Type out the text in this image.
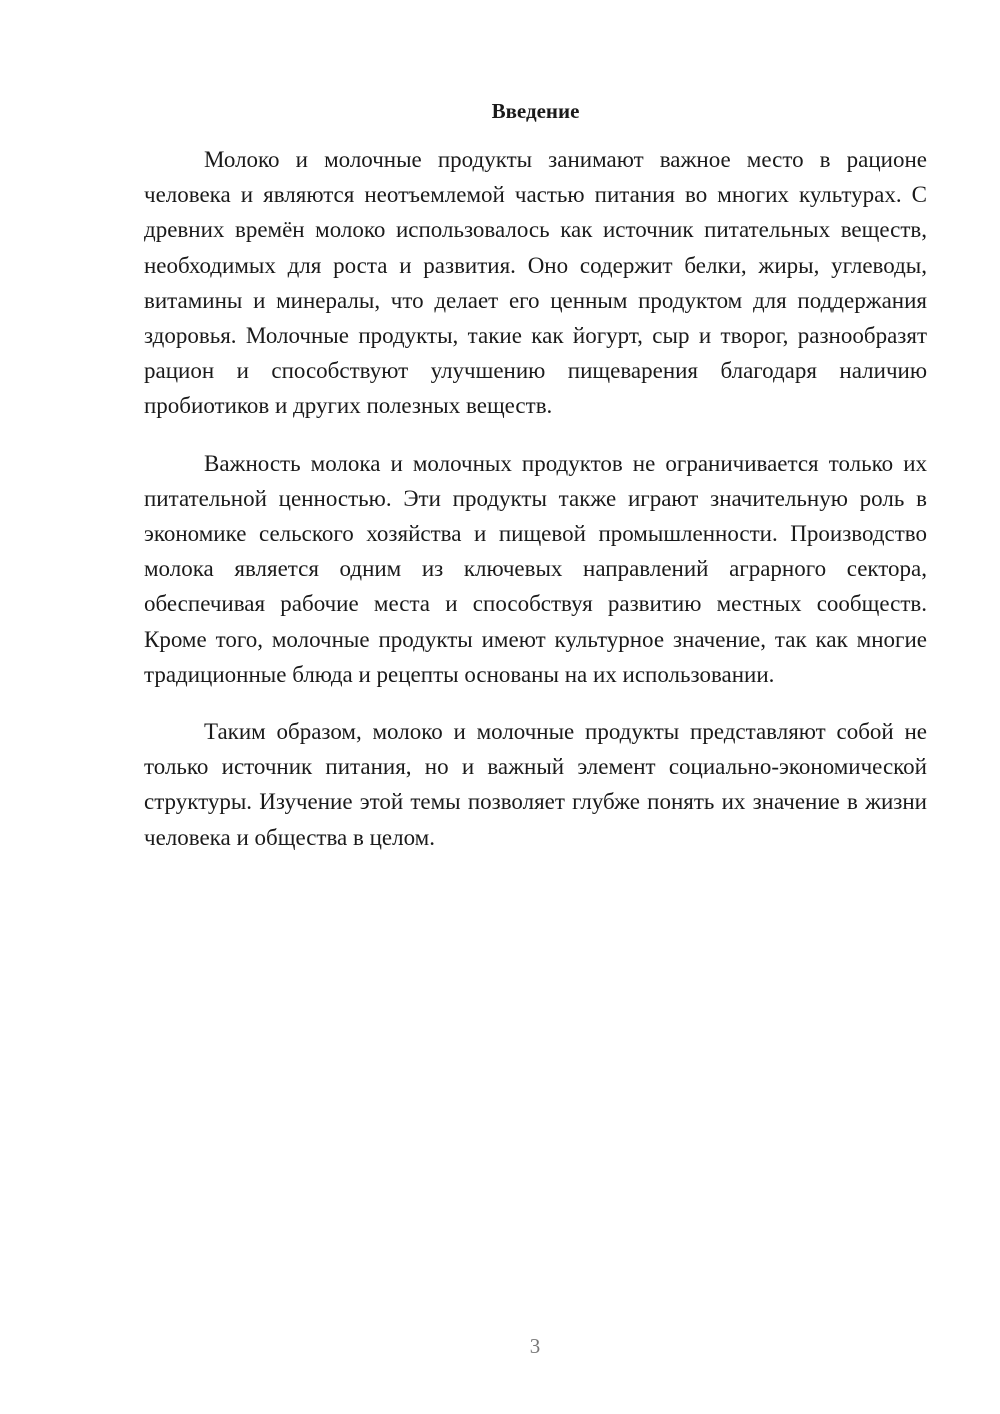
Введение

Молоко и молочные продукты занимают важное место в рационе человека и являются неотъемлемой частью питания во многих культурах. С древних времён молоко использовалось как источник питательных веществ, необходимых для роста и развития. Оно содержит белки, жиры, углеводы, витамины и минералы, что делает его ценным продуктом для поддержания здоровья. Молочные продукты, такие как йогурт, сыр и творог, разнообразят рацион и способствуют улучшению пищеварения благодаря наличию пробиотиков и других полезных веществ.

Важность молока и молочных продуктов не ограничивается только их питательной ценностью. Эти продукты также играют значительную роль в экономике сельского хозяйства и пищевой промышленности. Производство молока является одним из ключевых направлений аграрного сектора, обеспечивая рабочие места и способствуя развитию местных сообществ. Кроме того, молочные продукты имеют культурное значение, так как многие традиционные блюда и рецепты основаны на их использовании.

Таким образом, молоко и молочные продукты представляют собой не только источник питания, но и важный элемент социально-экономической структуры. Изучение этой темы позволяет глубже понять их значение в жизни человека и общества в целом.

3
